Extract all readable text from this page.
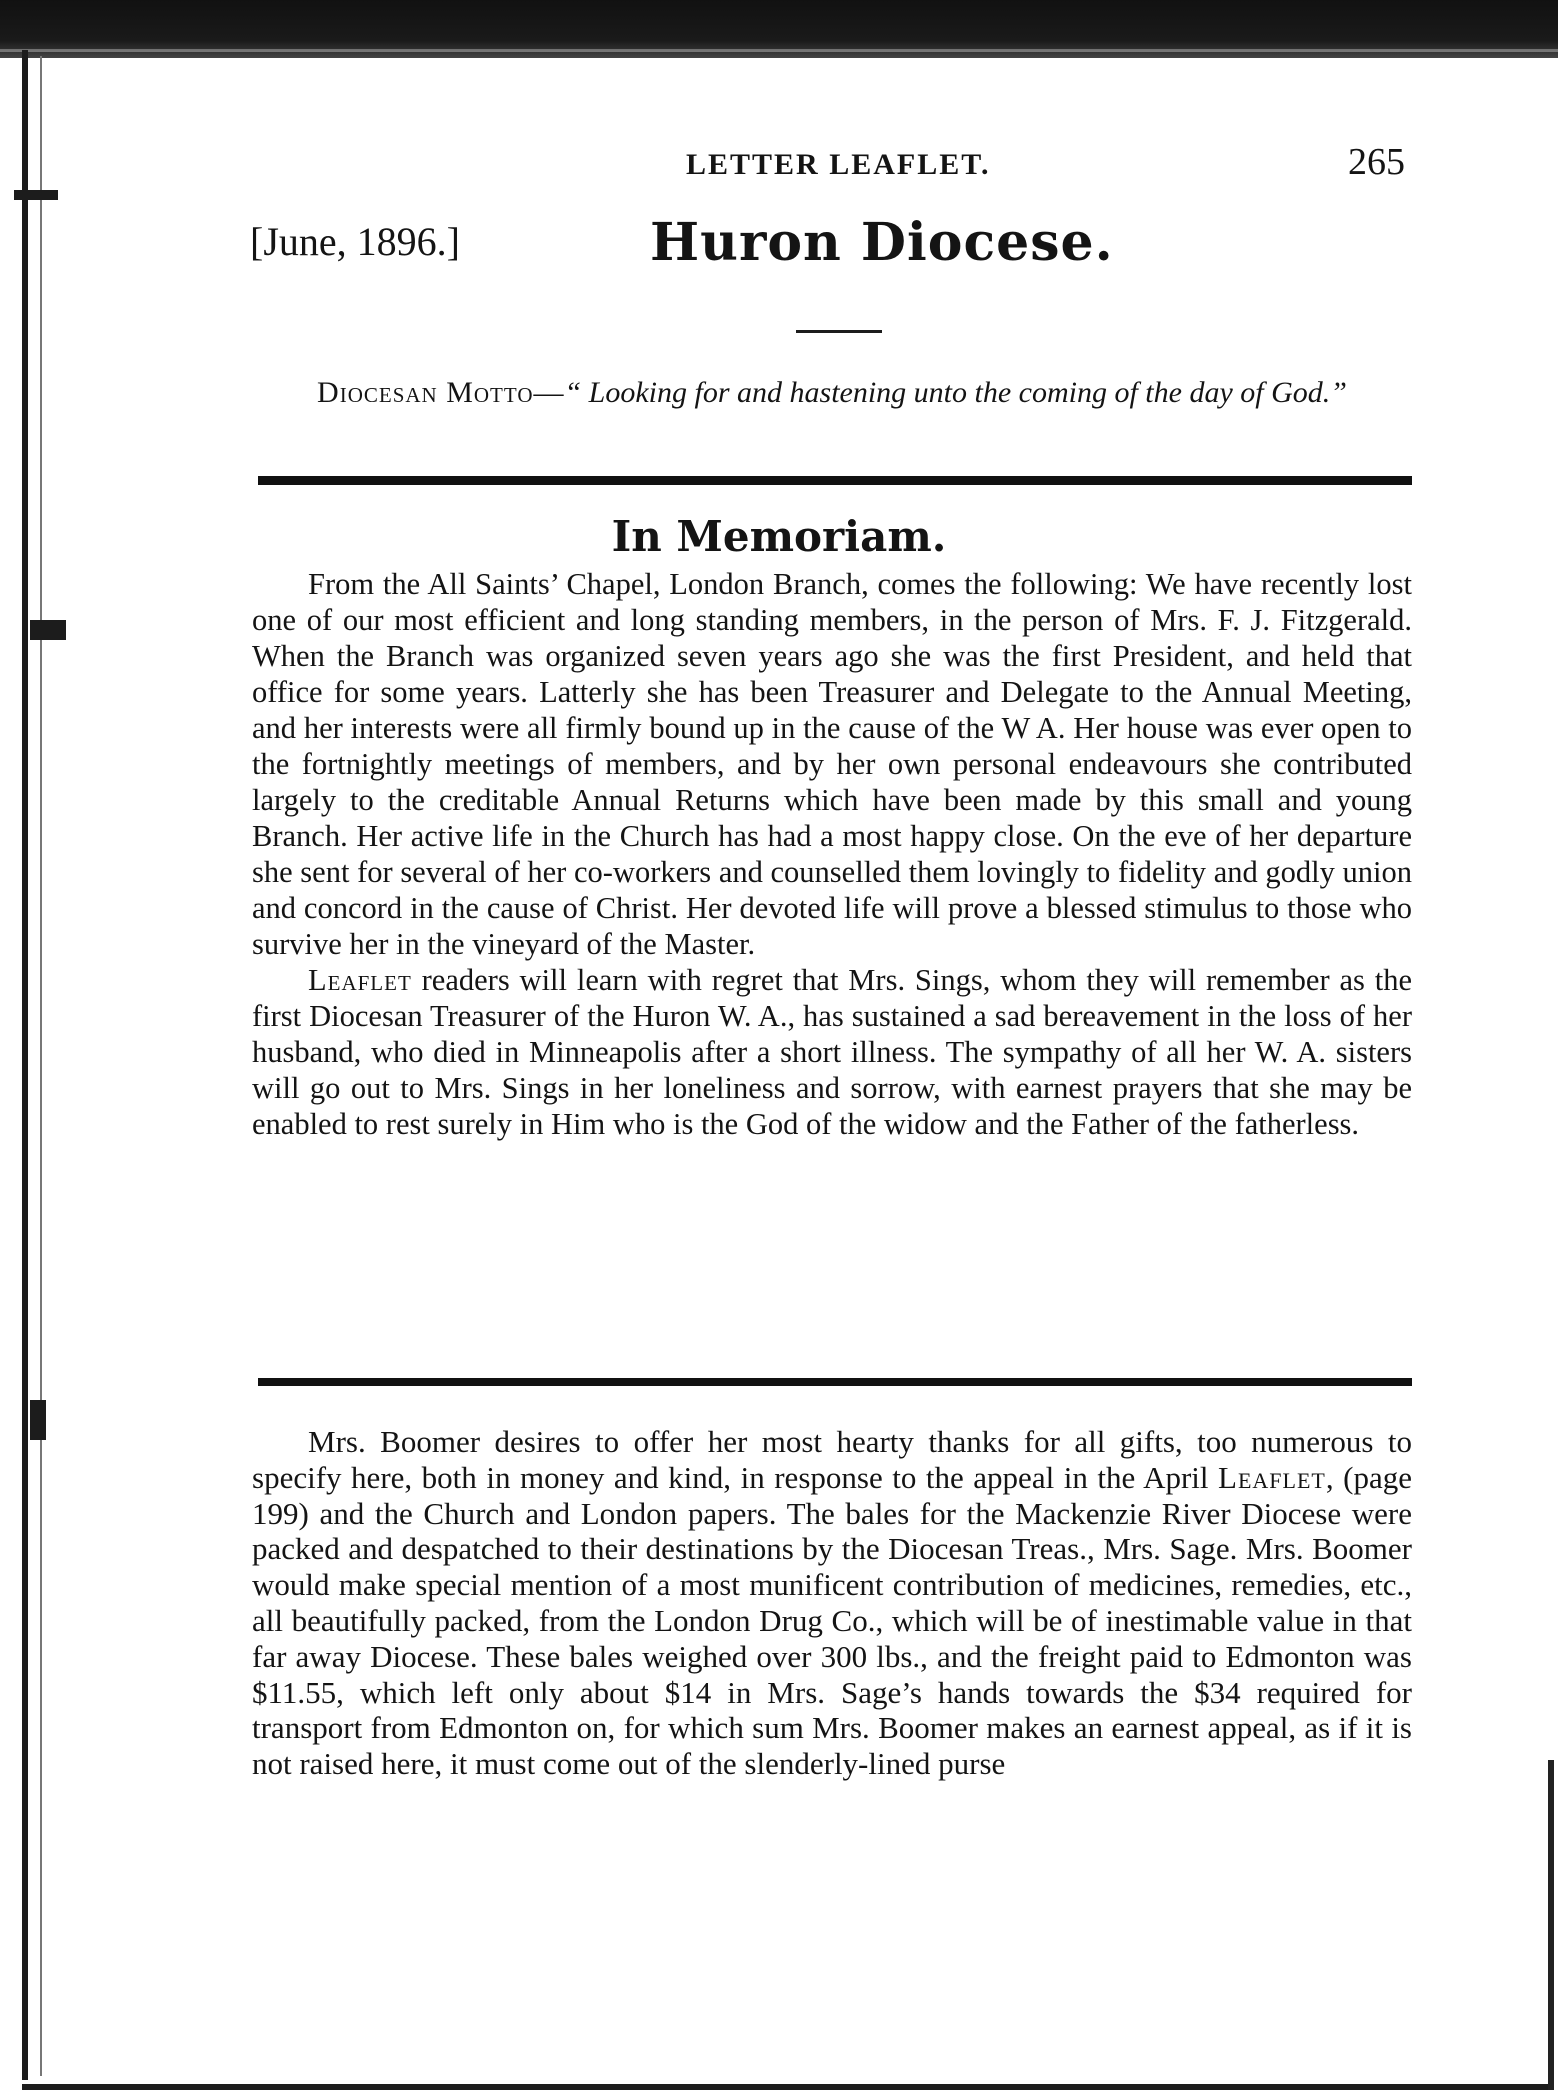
LETTER LEAFLET.	265
[June, 1896.]	Huron Diocese.
Diocesan Motto—“ Looking for and hastening unto the coming of the day of God.”
In Memoriam.

From the All Saints’ Chapel, London Branch, comes the following: We have recently lost one of our most efficient and long standing members, in the person of Mrs. F. J. Fitzgerald. When the Branch was organized seven years ago she was the first President, and held that office for some years. Latterly she has been Treasurer and Delegate to the Annual Meeting, and her interests were all firmly bound up in the cause of the W A. Her house was ever open to the fortnightly meetings of members, and by her own personal endeavours she contributed largely to the creditable Annual Returns which have been made by this small and young Branch. Her active life in the Church has had a most happy close. On the eve of her departure she sent for several of her co-workers and counselled them lovingly to fidelity and godly union and concord in the cause of Christ. Her devoted life will prove a blessed stimulus to those who survive her in the vineyard of the Master.

Leaflet readers will learn with regret that Mrs. Sings, whom they will remember as the first Diocesan Treasurer of the Huron W. A., has sustained a sad bereavement in the loss of her husband, who died in Minneapolis after a short illness. The sympathy of all her W. A. sisters will go out to Mrs. Sings in her loneliness and sorrow, with earnest prayers that she may be enabled to rest surely in Him who is the God of the widow and the Father of the fatherless.

Mrs. Boomer desires to offer her most hearty thanks for all gifts, too numerous to specify here, both in money and kind, in response to the appeal in the April Leaflet, (page 199) and the Church and London papers. The bales for the Mackenzie River Diocese were packed and despatched to their destinations by the Diocesan Treas., Mrs. Sage. Mrs. Boomer would make special mention of a most munificent contribution of medicines, remedies, etc., all beautifully packed, from the London Drug Co., which will be of inestimable value in that far away Diocese. These bales weighed over 300 lbs., and the freight paid to Edmonton was $11.55, which left only about $14 in Mrs. Sage’s hands towards the $34 required for transport from Edmonton on, for which sum Mrs. Boomer makes an earnest appeal, as if it is not raised here, it must come out of the slenderly-lined purse
